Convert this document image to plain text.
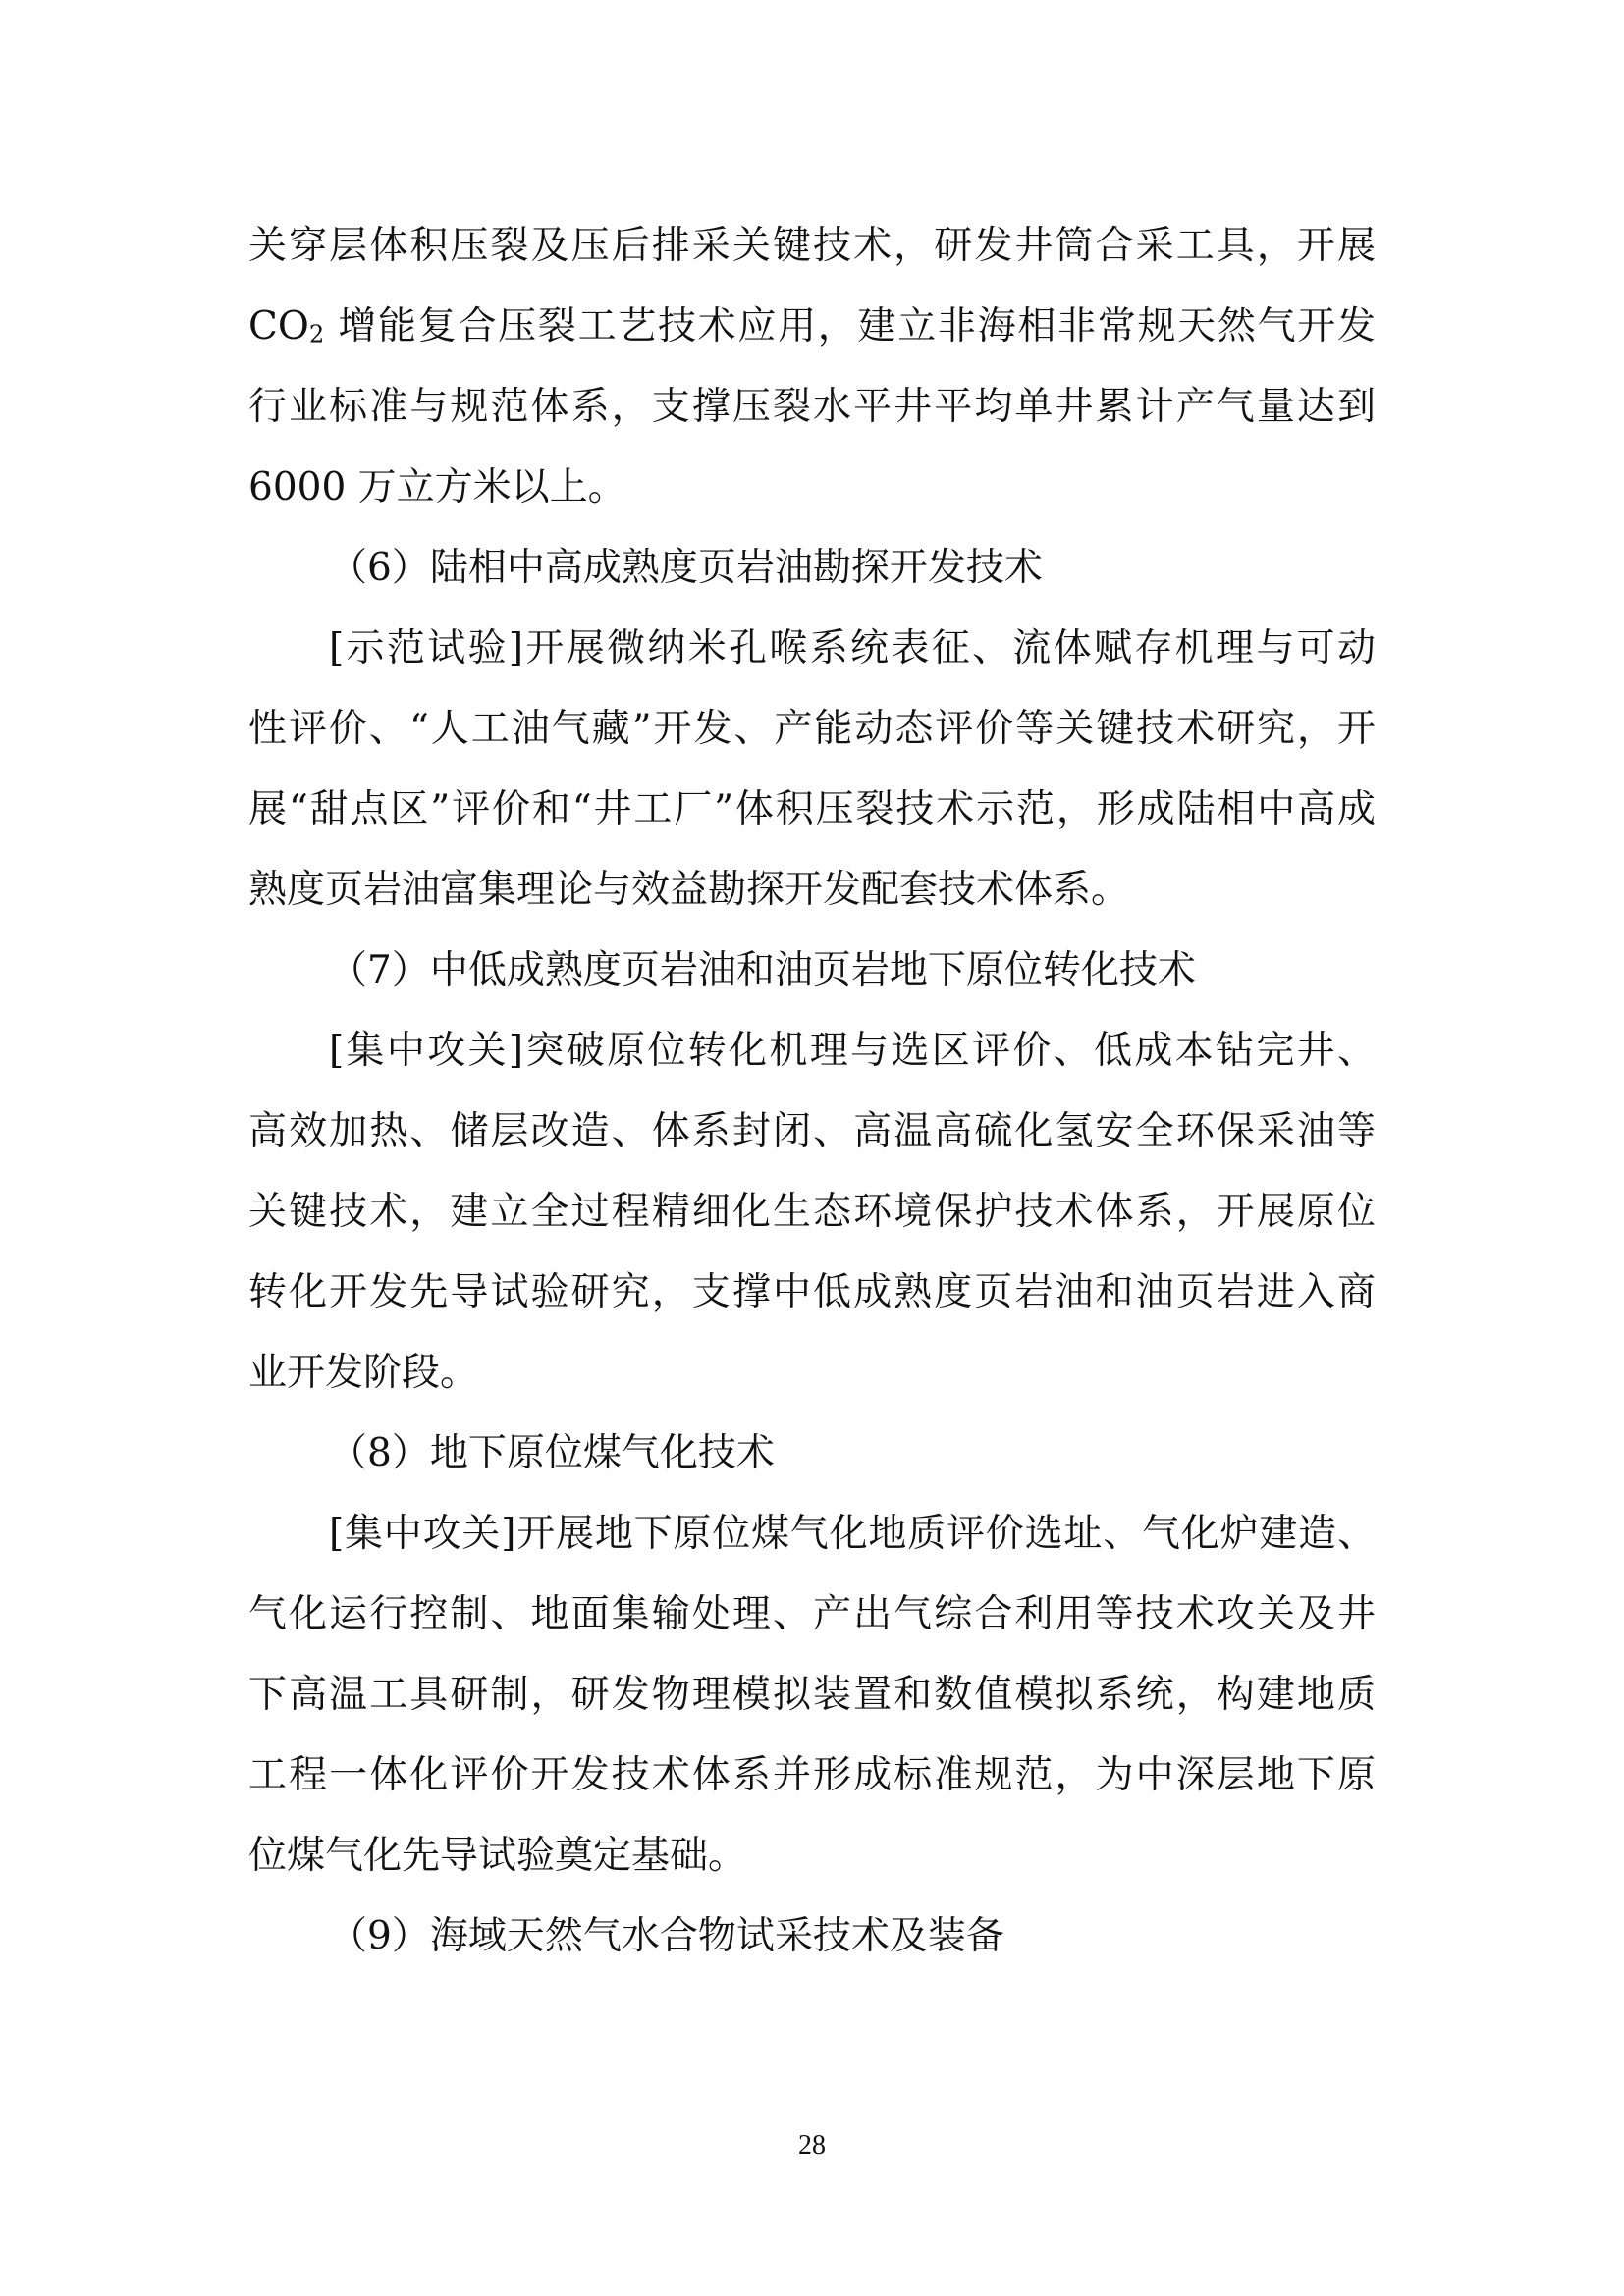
关穿层体积压裂及压后排采关键技术，研发井筒合采工具，开展
$CO_2$ 增能复合压裂工艺技术应用，建立非海相非常规天然气开发
行业标准与规范体系，支撑压裂水平井平均单井累计产气量达到
6000 万立方米以上。
（6）陆相中高成熟度页岩油勘探开发技术
[示范试验]开展微纳米孔喉系统表征、流体赋存机理与可动
性评价、“人工油气藏”开发、产能动态评价等关键技术研究，开
展“甜点区”评价和“井工厂”体积压裂技术示范，形成陆相中高成
熟度页岩油富集理论与效益勘探开发配套技术体系。
（7）中低成熟度页岩油和油页岩地下原位转化技术
[集中攻关]突破原位转化机理与选区评价、低成本钻完井、
高效加热、储层改造、体系封闭、高温高硫化氢安全环保采油等
关键技术，建立全过程精细化生态环境保护技术体系，开展原位
转化开发先导试验研究，支撑中低成熟度页岩油和油页岩进入商
业开发阶段。
（8）地下原位煤气化技术
[集中攻关]开展地下原位煤气化地质评价选址、气化炉建造、
气化运行控制、地面集输处理、产出气综合利用等技术攻关及井
下高温工具研制，研发物理模拟装置和数值模拟系统，构建地质
工程一体化评价开发技术体系并形成标准规范，为中深层地下原
位煤气化先导试验奠定基础。
（9）海域天然气水合物试采技术及装备
28
